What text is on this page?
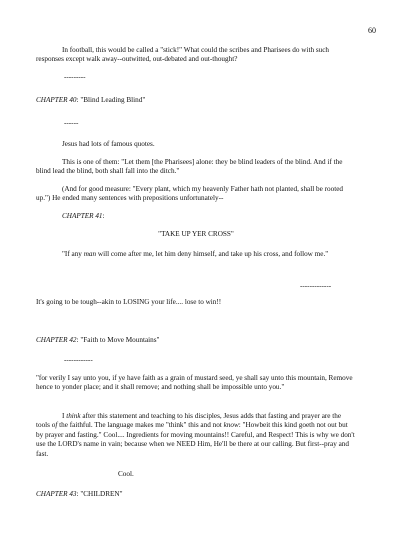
60

In football, this would be called a "stick!" What could the scribes and Pharisees do with such responses except walk away--outwitted, out-debated and out-thought?

---------

CHAPTER 40: "Blind Leading Blind"

------

Jesus had lots of famous quotes.

This is one of them: "Let them [the Pharisees] alone: they be blind leaders of the blind. And if the blind lead the blind, both shall fall into the ditch."

(And for good measure: "Every plant, which my heavenly Father hath not planted, shall be rooted up.") He ended many sentences with prepositions unfortunately--

CHAPTER 41:

"TAKE UP YER CROSS"

"If any man will come after me, let him deny himself, and take up his cross, and follow me."

-------------

It's going to be tough--akin to LOSING your life.... lose to win!!

CHAPTER 42: "Faith to Move Mountains"

------------

"for verily I say unto you, if ye have faith as a grain of mustard seed, ye shall say unto this mountain, Remove hence to yonder place; and it shall remove; and nothing shall be impossible unto you."

I think after this statement and teaching to his disciples, Jesus adds that fasting and prayer are the tools of the faithful. The language makes me "think" this and not know: "Howbeit this kind goeth not out but by prayer and fasting." Cool.... Ingredients for moving mountains!! Careful, and Respect! This is why we don't use the LORD's name in vain; because when we NEED Him, He'll be there at our calling. But first--pray and fast.

Cool.

CHAPTER 43: "CHILDREN"
